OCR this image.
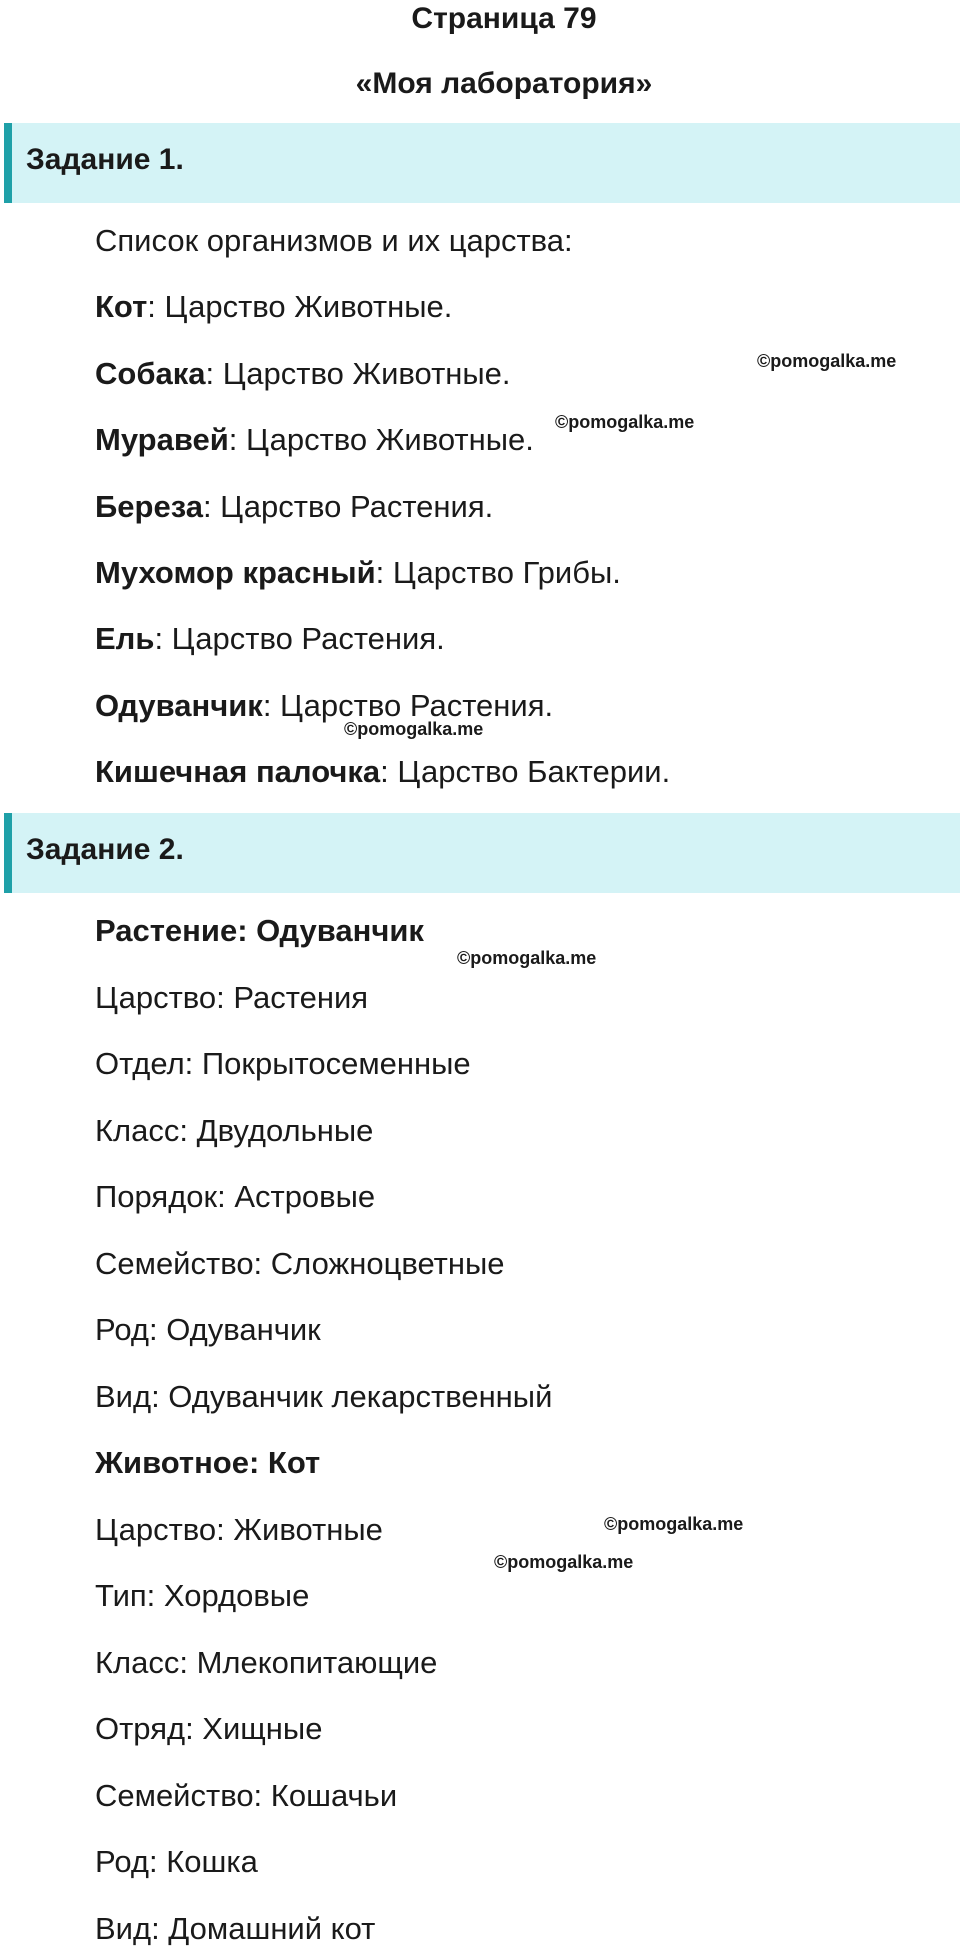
Страница 79
«Моя лаборатория»
Задание 1.
Список организмов и их царства:
Кот: Царство Животные.
Собака: Царство Животные.
Муравей: Царство Животные.
Береза: Царство Растения.
Мухомор красный: Царство Грибы.
Ель: Царство Растения.
Одуванчик: Царство Растения.
Кишечная палочка: Царство Бактерии.
Задание 2.
Растение: Одуванчик
Царство: Растения
Отдел: Покрытосеменные
Класс: Двудольные
Порядок: Астровые
Семейство: Сложноцветные
Род: Одуванчик
Вид: Одуванчик лекарственный
Животное: Кот
Царство: Животные
Тип: Хордовые
Класс: Млекопитающие
Отряд: Хищные
Семейство: Кошачьи
Род: Кошка
Вид: Домашний кот
©pomogalka.me
©pomogalka.me
©pomogalka.me
©pomogalka.me
©pomogalka.me
©pomogalka.me
